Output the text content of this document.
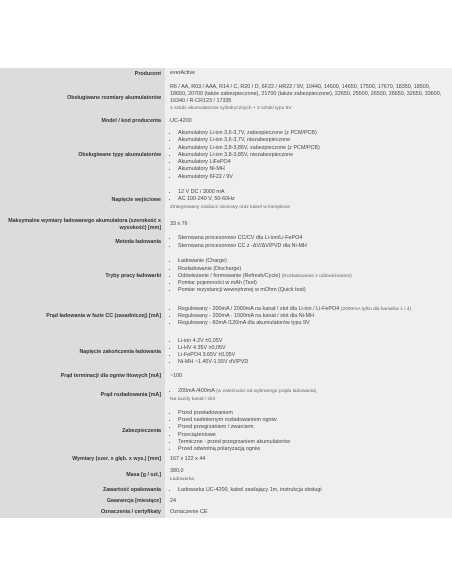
Producent	everActive
Obsługiwane rozmiary akumulatorów
R6 / AA, R03 / AAA, R14 / C, R20 / D, 6F22 / HR22 / 9V, 10440, 14500, 14650, 17500, 17670, 18350, 18500, 18650, 20700 (także zabezpieczone), 21700 (także zabezpieczone), 22650, 25500, 26500, 26650, 32650, 33600, 16340 / R-CR123 / 17335
4 sztuki akumulatorów cylindrycznych + 2 sztuki typu 9V
Model / kod producenta	UC-4200
Obsługiwane typy akumulatorów
• Akumulatory Li-ion 3,6-3,7V, zabezpieczone (z PCM/PCB)
• Akumulatory Li-ion 3,6-3,7V, niezabezpieczone
• Akumulatory Li-ion 3,8-3,85V, zabezpieczone (z PCM/PCB)
• Akumulatory Li-ion 3,8-3,85V, niezabezpieczone
• Akumulatory LiFePO4
• Akumulatory Ni-MH
• Akumulatory 6F22 / 9V
Napięcie wejściowe
• 12 V DC / 3000 mA
• AC 100-240 V, 50-60Hz
Zintegrowany zasilacz sieciowy oraz kabel w komplecie
Maksymalne wymiary ładowanego akumulatora (szerokość x wysokość) [mm]
33 x 76
Metoda ładowania
• Sterowana procesorowo CC/CV dla Li-ion/Li-FePO4
• Sterowana procesorowo CC z -ΔV/ΔV/PVD dla Ni-MH
Tryby pracy ładowarki
• Ładowanie (Charge)
• Rozładowanie (Discharge)
• Odświeżanie / formowanie (Refresh/Cycle) (Rozładowanie z odświeżaniem)
• Pomiar pojemności w mAh (Test)
• Pomiar rezystancji wewnętrznej w mOhm (Quick test)
Prąd ładowania w fazie CC (zasadniczej) [mA]
• Regulowany - 200mA / 2000mA na kanał / slot dla Li-ion / Li-FePO4 (2000mA tylko dla kanałów 1 i 4)
• Regulowany - 200mA - 1000mA na kanał / slot dla Ni-MH
• Regulowany - 60mA /120mA dla akumulatorów typu 9V
Napięcie zakończenia ładowania
• Li-ion 4.2V ±0,05V
• Li-HV 4.35V ±0,05V
• Li-FePO4 3.65V ±0,05V
• Ni-MH ~1.45V-1.55V dV/PVD
Prąd terminacji dla ogniw litowych [mA]	~100
Prąd rozładowania [mA]
• 200mA /400mA (w zależności od wybranego prądu ładowania)
Na każdy kanał / slot
Zabezpieczenia
• Przed przeładowaniem
• Przed nadmiernym rozładowaniem ogniw
• Przed przegrzaniem / zwarciem
• Przeciążeniowe
• Termiczne - przed przegrzaniem akumulatorów
• Przed odwrotną polaryzacją ogniw
Wymiary (szer. x głęb. x wys.) [mm]	167 x 122 x 44
Masa [g / szt.]
380,0
Ładowarka
Zawartość opakowania
•	Ładowarka UC-4200, kabel zasilający 1m, instrukcja obsługi
Gwarancja [miesiące]	24
Oznaczenia / certyfikaty	Oznaczenie CE
